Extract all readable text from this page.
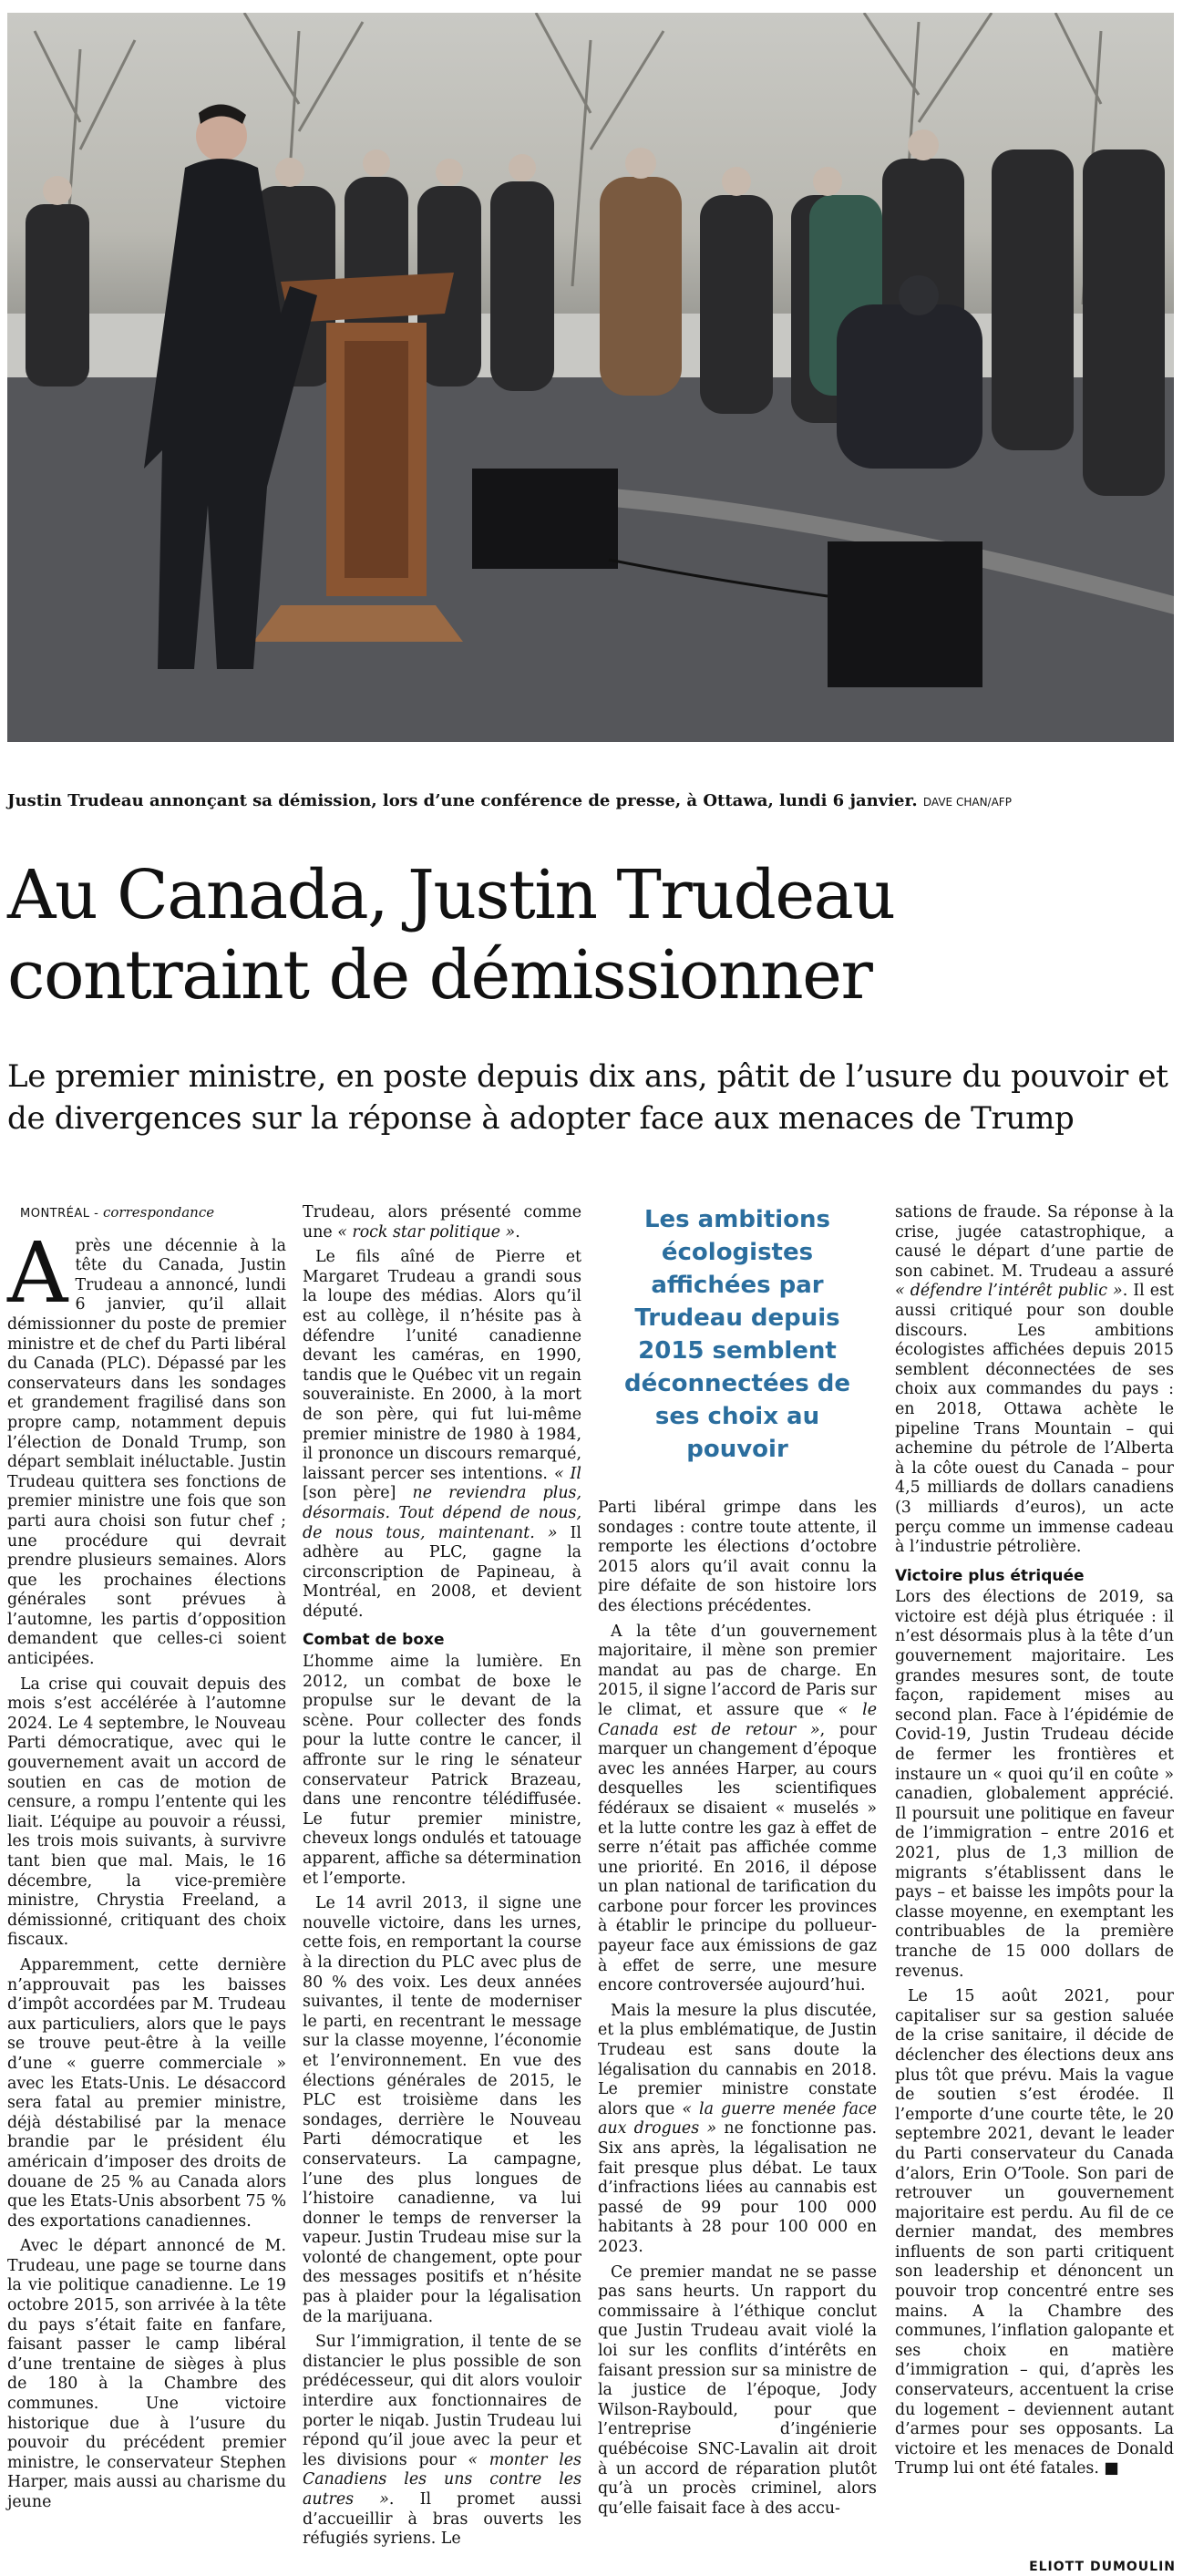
Justin Trudeau annonçant sa démission, lors d’une conférence de presse, à Ottawa, lundi 6 janvier. DAVE CHAN/AFP
Au Canada, Justin Trudeau contraint de démissionner
Le premier ministre, en poste depuis dix ans, pâtit de l’usure du pouvoir et de divergences sur la réponse à adopter face aux menaces de Trump

MONTRÉAL - correspondance

Après une décennie à la tête du Canada, Justin Trudeau a annoncé, lundi 6 janvier, qu’il allait démissionner du poste de premier ministre et de chef du Parti libéral du Canada (PLC). Dépassé par les conservateurs dans les sondages et grandement fragilisé dans son propre camp, notamment depuis l’élection de Donald Trump, son départ semblait inéluctable. Justin Trudeau quittera ses fonctions de premier ministre une fois que son parti aura choisi son futur chef ; une procédure qui devrait prendre plusieurs semaines. Alors que les prochaines élections générales sont prévues à l’automne, les partis d’opposition demandent que celles-ci soient anticipées.

La crise qui couvait depuis des mois s’est accélérée à l’automne 2024. Le 4 septembre, le Nouveau Parti démocratique, avec qui le gouvernement avait un accord de soutien en cas de motion de censure, a rompu l’entente qui les liait. L’équipe au pouvoir a réussi, les trois mois suivants, à survivre tant bien que mal. Mais, le 16 décembre, la vice-première ministre, Chrystia Freeland, a démissionné, critiquant des choix fiscaux.

Apparemment, cette dernière n’approuvait pas les baisses d’impôt accordées par M. Trudeau aux particuliers, alors que le pays se trouve peut-être à la veille d’une « guerre commerciale » avec les Etats-Unis. Le désaccord sera fatal au premier ministre, déjà déstabilisé par la menace brandie par le président élu américain d’imposer des droits de douane de 25 % au Canada alors que les Etats-Unis absorbent 75 % des exportations canadiennes.

Avec le départ annoncé de M. Trudeau, une page se tourne dans la vie politique canadienne. Le 19 octobre 2015, son arrivée à la tête du pays s’était faite en fanfare, faisant passer le camp libéral d’une trentaine de sièges à plus de 180 à la Chambre des communes. Une victoire historique due à l’usure du pouvoir du précédent premier ministre, le conservateur Stephen Harper, mais aussi au charisme du jeune

Trudeau, alors présenté comme une « rock star politique ».

Le fils aîné de Pierre et Margaret Trudeau a grandi sous la loupe des médias. Alors qu’il est au collège, il n’hésite pas à défendre l’unité canadienne devant les caméras, en 1990, tandis que le Québec vit un regain souverainiste. En 2000, à la mort de son père, qui fut lui-même premier ministre de 1980 à 1984, il prononce un discours remarqué, laissant percer ses intentions. « Il [son père] ne reviendra plus, désormais. Tout dépend de nous, de nous tous, maintenant. » Il adhère au PLC, gagne la circonscription de Papineau, à Montréal, en 2008, et devient député.

Combat de boxe

L’homme aime la lumière. En 2012, un combat de boxe le propulse sur le devant de la scène. Pour collecter des fonds pour la lutte contre le cancer, il affronte sur le ring le sénateur conservateur Patrick Brazeau, dans une rencontre télédiffusée. Le futur premier ministre, cheveux longs ondulés et tatouage apparent, affiche sa détermination et l’emporte.

Le 14 avril 2013, il signe une nouvelle victoire, dans les urnes, cette fois, en remportant la course à la direction du PLC avec plus de 80 % des voix. Les deux années suivantes, il tente de moderniser le parti, en recentrant le message sur la classe moyenne, l’économie et l’environnement. En vue des élections générales de 2015, le PLC est troisième dans les sondages, derrière le Nouveau Parti démocratique et les conservateurs. La campagne, l’une des plus longues de l’histoire canadienne, va lui donner le temps de renverser la vapeur. Justin Trudeau mise sur la volonté de changement, opte pour des messages positifs et n’hésite pas à plaider pour la légalisation de la marijuana.

Sur l’immigration, il tente de se distancier le plus possible de son prédécesseur, qui dit alors vouloir interdire aux fonctionnaires de porter le niqab. Justin Trudeau lui répond qu’il joue avec la peur et les divisions pour « monter les Canadiens les uns contre les autres ». Il promet aussi d’accueillir à bras ouverts les réfugiés syriens. Le

Les ambitions écologistes affichées par Trudeau depuis 2015 semblent déconnectées de ses choix au pouvoir

Parti libéral grimpe dans les sondages : contre toute attente, il remporte les élections d’octobre 2015 alors qu’il avait connu la pire défaite de son histoire lors des élections précédentes.

A la tête d’un gouvernement majoritaire, il mène son premier mandat au pas de charge. En 2015, il signe l’accord de Paris sur le climat, et assure que « le Canada est de retour », pour marquer un changement d’époque avec les années Harper, au cours desquelles les scientifiques fédéraux se disaient « muselés » et la lutte contre les gaz à effet de serre n’était pas affichée comme une priorité. En 2016, il dépose un plan national de tarification du carbone pour forcer les provinces à établir le principe du pollueur-payeur face aux émissions de gaz à effet de serre, une mesure encore controversée aujourd’hui.

Mais la mesure la plus discutée, et la plus emblématique, de Justin Trudeau est sans doute la légalisation du cannabis en 2018. Le premier ministre constate alors que « la guerre menée face aux drogues » ne fonctionne pas. Six ans après, la légalisation ne fait presque plus débat. Le taux d’infractions liées au cannabis est passé de 99 pour 100 000 habitants à 28 pour 100 000 en 2023.

Ce premier mandat ne se passe pas sans heurts. Un rapport du commissaire à l’éthique conclut que Justin Trudeau avait violé la loi sur les conflits d’intérêts en faisant pression sur sa ministre de la justice de l’époque, Jody Wilson-Raybould, pour que l’entreprise d’ingénierie québécoise SNC-Lavalin ait droit à un accord de réparation plutôt qu’à un procès criminel, alors qu’elle faisait face à des accu-

sations de fraude. Sa réponse à la crise, jugée catastrophique, a causé le départ d’une partie de son cabinet. M. Trudeau a assuré « défendre l’intérêt public ». Il est aussi critiqué pour son double discours. Les ambitions écologistes affichées depuis 2015 semblent déconnectées de ses choix aux commandes du pays : en 2018, Ottawa achète le pipeline Trans Mountain – qui achemine du pétrole de l’Alberta à la côte ouest du Canada – pour 4,5 milliards de dollars canadiens (3 milliards d’euros), un acte perçu comme un immense cadeau à l’industrie pétrolière.

Victoire plus étriquée

Lors des élections de 2019, sa victoire est déjà plus étriquée : il n’est désormais plus à la tête d’un gouvernement majoritaire. Les grandes mesures sont, de toute façon, rapidement mises au second plan. Face à l’épidémie de Covid-19, Justin Trudeau décide de fermer les frontières et instaure un « quoi qu’il en coûte » canadien, globalement apprécié. Il poursuit une politique en faveur de l’immigration – entre 2016 et 2021, plus de 1,3 million de migrants s’établissent dans le pays – et baisse les impôts pour la classe moyenne, en exemptant les contribuables de la première tranche de 15 000 dollars de revenus.

Le 15 août 2021, pour capitaliser sur sa gestion saluée de la crise sanitaire, il décide de déclencher des élections deux ans plus tôt que prévu. Mais la vague de soutien s’est érodée. Il l’emporte d’une courte tête, le 20 septembre 2021, devant le leader du Parti conservateur du Canada d’alors, Erin O’Toole. Son pari de retrouver un gouvernement majoritaire est perdu. Au fil de ce dernier mandat, des membres influents de son parti critiquent son leadership et dénoncent un pouvoir trop concentré entre ses mains. A la Chambre des communes, l’inflation galopante et ses choix en matière d’immigration – qui, d’après les conservateurs, accentuent la crise du logement – deviennent autant d’armes pour ses opposants. La victoire et les menaces de Donald Trump lui ont été fatales. ■

ELIOTT DUMOULIN
